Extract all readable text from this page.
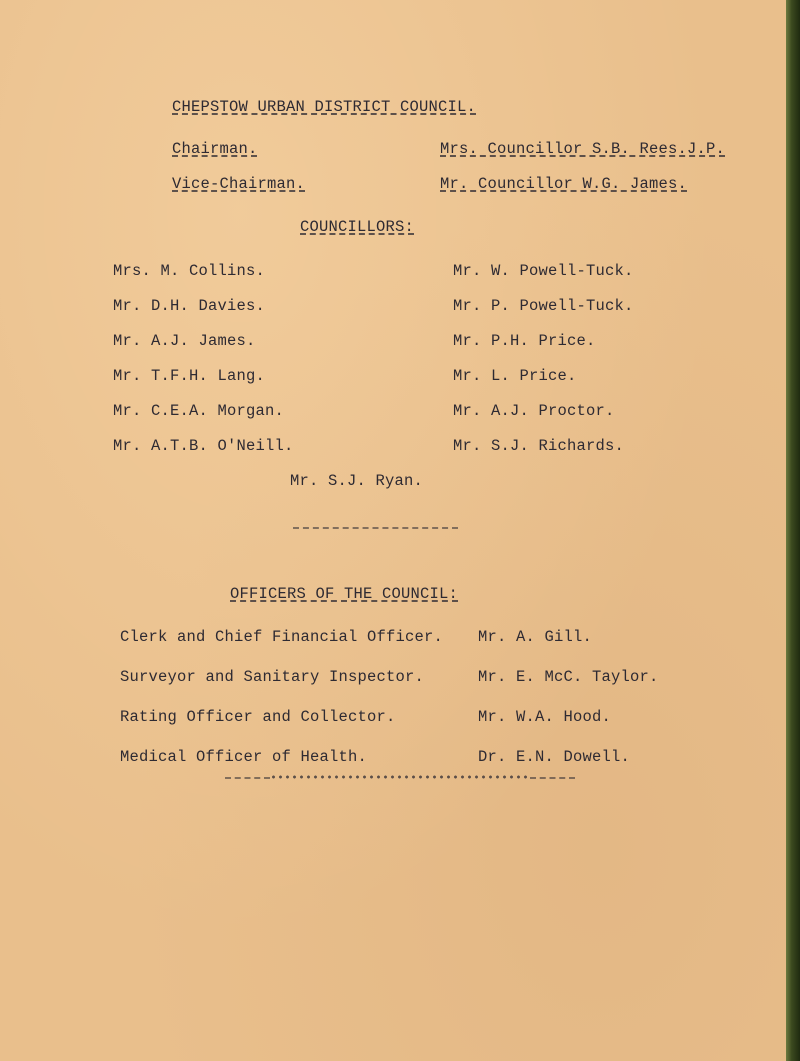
CHEPSTOW URBAN DISTRICT COUNCIL.
Chairman.	Mrs. Councillor S.B. Rees.J.P.
Vice-Chairman.	Mr. Councillor W.G. James.
COUNCILLORS:
Mrs. M. Collins.
Mr. D.H. Davies.
Mr. A.J. James.
Mr. T.F.H. Lang.
Mr. C.E.A. Morgan.
Mr. A.T.B. O'Neill.
Mr. W. Powell-Tuck.
Mr. P. Powell-Tuck.
Mr. P.H. Price.
Mr. L. Price.
Mr. A.J. Proctor.
Mr. S.J. Richards.
Mr. S.J. Ryan.
OFFICERS OF THE COUNCIL:
Clerk and Chief Financial Officer. Mr. A. Gill.
Surveyor and Sanitary Inspector.	Mr. E. McC. Taylor.
Rating Officer and Collector.	Mr. W.A. Hood.
Medical Officer of Health.	Dr. E.N. Dowell.
